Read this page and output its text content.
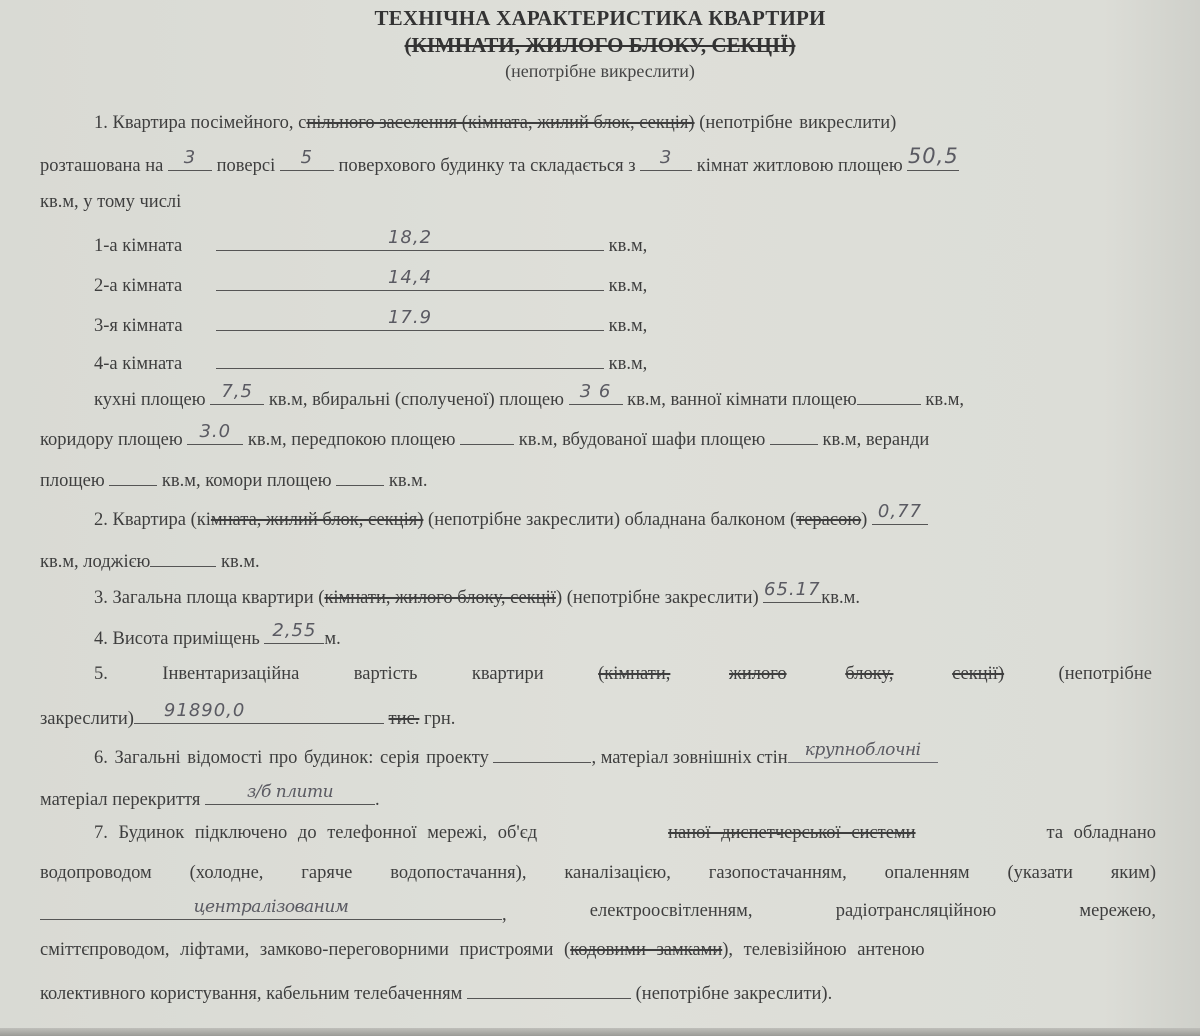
ТЕХНІЧНА ХАРАКТЕРИСТИКА КВАРТИРИ
(КІМНАТИ, ЖИЛОГО БЛОКУ, СЕКЦІЇ)
(непотрібне викреслити)
1. Квартира посімейного, спільного заселення (кімната, жилий блок, секція) (непотрібне викреслити)
розташована на	3	поверсі	5	поверхового будинку та складається з	3	кімнат житловою площею 50,5
кв.м, у тому числі
1-а кімната	18,2	кв.м,
2-а кімната	14,4	кв.м,
3-я кімната	17.9	кв.м,
4-а кімната	кв.м,
кухні площею 7,5 кв.м, вбиральні (сполученої) площею 3 6 кв.м, ванної кімнати площею	кв.м,
коридору площею 3.0 кв.м, передпокою площею	кв.м, вбудованої шафи площею	кв.м, веранди
площею	кв.м, комори площею	кв.м.
2. Квартира (кімната, жилий блок, секція) (непотрібне закреслити) обладнана балконом (терасою) 0,77
кв.м, лоджією	кв.м.
3. Загальна площа квартири (кімнати, жилого блоку, секції) (непотрібне закреслити) 65.17 кв.м.
4. Висота приміщень 2,55 м.
5.	Інвентаризаційна	вартість	квартири	(кімнати,	жилого	блоку,	секції)	(непотрібне
закреслити) 91890,0	тис. грн.
6. Загальні відомості про будинок: серія проекту	, матеріал зовнішніх стін	крупноблочні
матеріал перекриття	з/б плити	.
7. Будинок підключено до телефонної мережі, об'єд	наної диспетчерської системи	та обладнано
водопроводом (холодне, гаряче водопостачання), каналізацією, газопостачанням, опаленням (указати яким)
централізованим	,	електроосвітленням,	радіотрансляційною	мережею,
сміттєпроводом, ліфтами, замково-переговорними пристроями (кодовими замками), телевізійною антеною
колективного користування, кабельним телебаченням	(непотрібне закреслити).
